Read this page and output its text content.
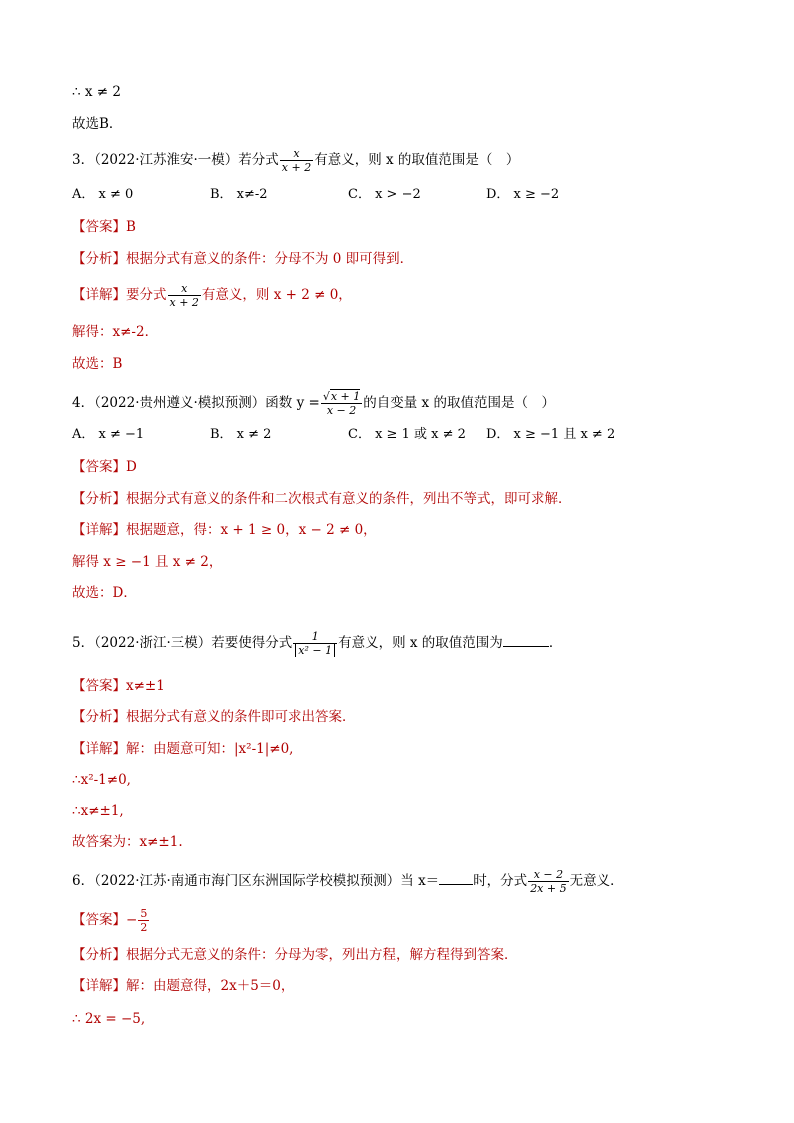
∴ x ≠ 2
故选B．
3．（2022·江苏淮安·一模）若分式 $\frac{x}{x + 2}$ 有意义，则 x 的取值范围是（　）
A． x ≠ 0	B． x≠-2	C． x > −2	D． x ≥ −2
【答案】B
【分析】根据分式有意义的条件：分母不为 0 即可得到．
【详解】要分式 $\frac{x}{x + 2}$ 有意义，则 x + 2 ≠ 0，
解得：x≠-2．
故选：B
4．（2022·贵州遵义·模拟预测）函数 $y = \frac{√x + 1}{x - 2}$ 的自变量 x 的取值范围是（　）
A． x ≠ −1	B． x ≠ 2	C． x ≥ 1 或 x ≠ 2 D． x ≥ −1 且 x ≠ 2
【答案】D
【分析】根据分式有意义的条件和二次根式有意义的条件，列出不等式，即可求解．
【详解】根据题意，得：x + 1 ≥ 0，x − 2 ≠ 0，
解得 x ≥ −1 且 x ≠ 2，
故选：D．
5．（2022·浙江·三模）若要使得分式 $\frac{1}{\text{x² − 1}}$ 有意义，则 x 的取值范围为	．
【答案】x≠±1
【分析】根据分式有意义的条件即可求出答案．
【详解】解：由题意可知：|x²-1|≠0,
∴x²-1≠0,
∴x≠±1,
故答案为：x≠±1.
6．（2022·江苏·南通市海门区东洲国际学校模拟预测）当 x＝	时，分式 $\frac{x - 2}{2x + 5}$ 无意义．
【答案】− $\frac{5}{2}$
【分析】根据分式无意义的条件：分母为零，列出方程，解方程得到答案．
【详解】解：由题意得，2x＋5＝0，
∴ 2x = −5,
